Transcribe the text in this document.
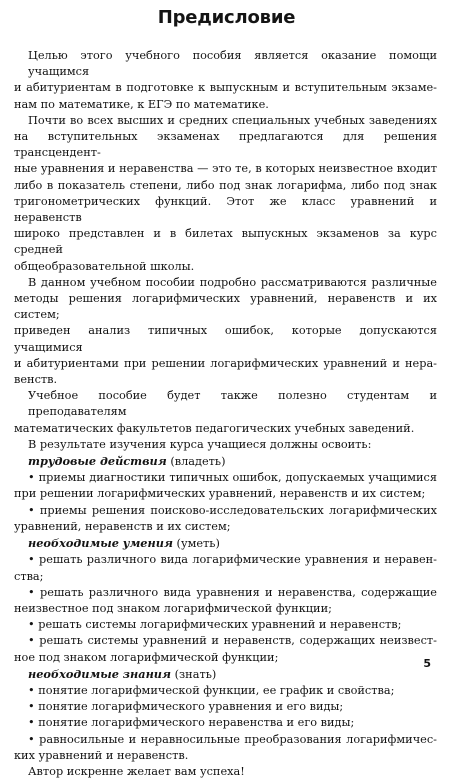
Предисловие
Целью этого учебного пособия является оказание помощи учащимся
и абитуриентам в подготовке к выпускным и вступительным экзаме-
нам по математике, к ЕГЭ по математике.
Почти во всех высших и средних специальных учебных заведениях
на вступительных экзаменах предлагаются для решения трансцендент-
ные уравнения и неравенства — это те, в которых неизвестное входит
либо в показатель степени, либо под знак логарифма, либо под знак
тригонометрических функций. Этот же класс уравнений и неравенств
широко представлен и в билетах выпускных экзаменов за курс средней
общеобразовательной школы.
В данном учебном пособии подробно рассматриваются различные
методы решения логарифмических уравнений, неравенств и их систем;
приведен анализ типичных ошибок, которые допускаются учащимися
и абитуриентами при решении логарифмических уравнений и нера-
венств.
Учебное пособие будет также полезно студентам и преподавателям
математических факультетов педагогических учебных заведений.
В результате изучения курса учащиеся должны освоить:
трудовые действия (владеть)
• приемы диагностики типичных ошибок, допускаемых учащимися
при решении логарифмических уравнений, неравенств и их систем;
• приемы решения поисково-исследовательских логарифмических
уравнений, неравенств и их систем;
необходимые умения (уметь)
• решать различного вида логарифмические уравнения и неравен-
ства;
• решать различного вида уравнения и неравенства, содержащие
неизвестное под знаком логарифмической функции;
• решать системы логарифмических уравнений и неравенств;
• решать системы уравнений и неравенств, содержащих неизвест-
ное под знаком логарифмической функции;
необходимые знания (знать)
• понятие логарифмической функции, ее график и свойства;
• понятие логарифмического уравнения и его виды;
• понятие логарифмического неравенства и его виды;
• равносильные и неравносильные преобразования логарифмичес-
ких уравнений и неравенств.
Автор искренне желает вам успеха!
5
